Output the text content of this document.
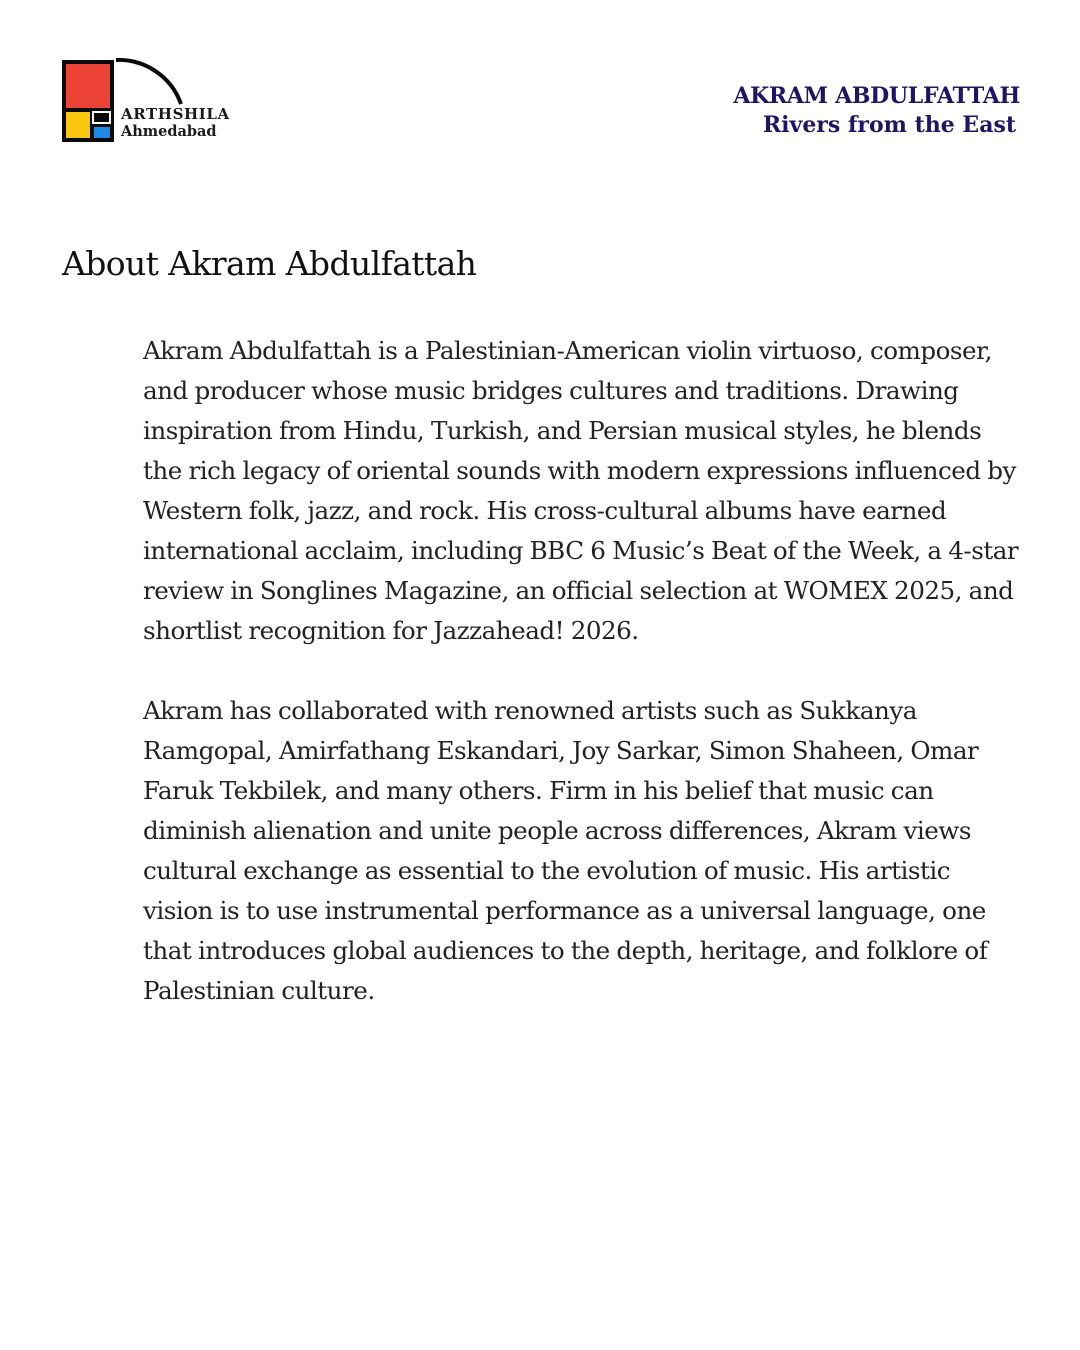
ARTHSHILA
Ahmedabad
AKRAM ABDULFATTAH
Rivers from the East
About Akram Abdulfattah

Akram Abdulfattah is a Palestinian-American violin virtuoso, composer, and producer whose music bridges cultures and traditions. Drawing inspiration from Hindu, Turkish, and Persian musical styles, he blends the rich legacy of oriental sounds with modern expressions influenced by Western folk, jazz, and rock. His cross-cultural albums have earned international acclaim, including BBC 6 Music’s Beat of the Week, a 4-star review in Songlines Magazine, an official selection at WOMEX 2025, and shortlist recognition for Jazzahead! 2026.

Akram has collaborated with renowned artists such as Sukkanya Ramgopal, Amirfathang Eskandari, Joy Sarkar, Simon Shaheen, Omar Faruk Tekbilek, and many others. Firm in his belief that music can diminish alienation and unite people across differences, Akram views cultural exchange as essential to the evolution of music. His artistic vision is to use instrumental performance as a universal language, one that introduces global audiences to the depth, heritage, and folklore of Palestinian culture.
